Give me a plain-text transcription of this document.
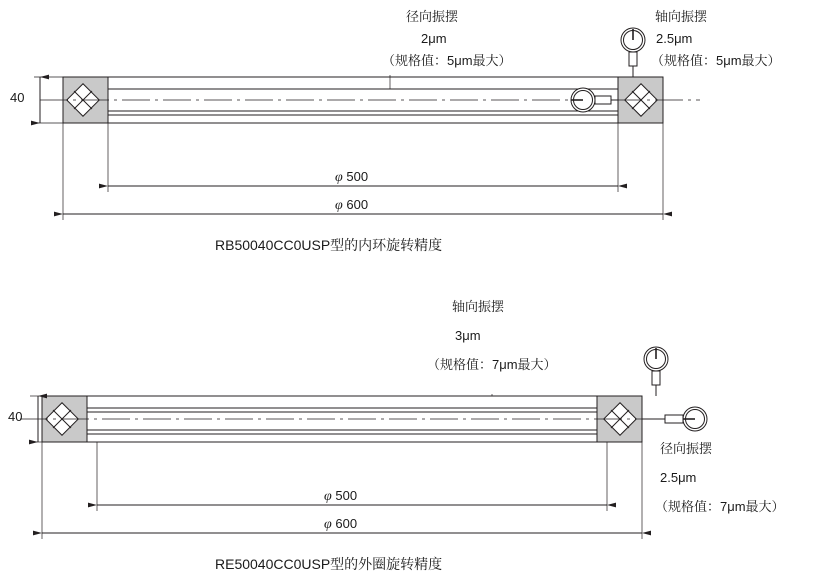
径向振摆
2μm
（规格值：5μm最大）
轴向振摆
2.5μm
（规格值：5μm最大）
40
φ 500
φ 600
RB50040CC0USP型的内环旋转精度
轴向振摆
3μm
（规格值：7μm最大）
径向振摆
2.5μm
（规格值：7μm最大）
40
φ 500
φ 600
RE50040CC0USP型的外圈旋转精度
